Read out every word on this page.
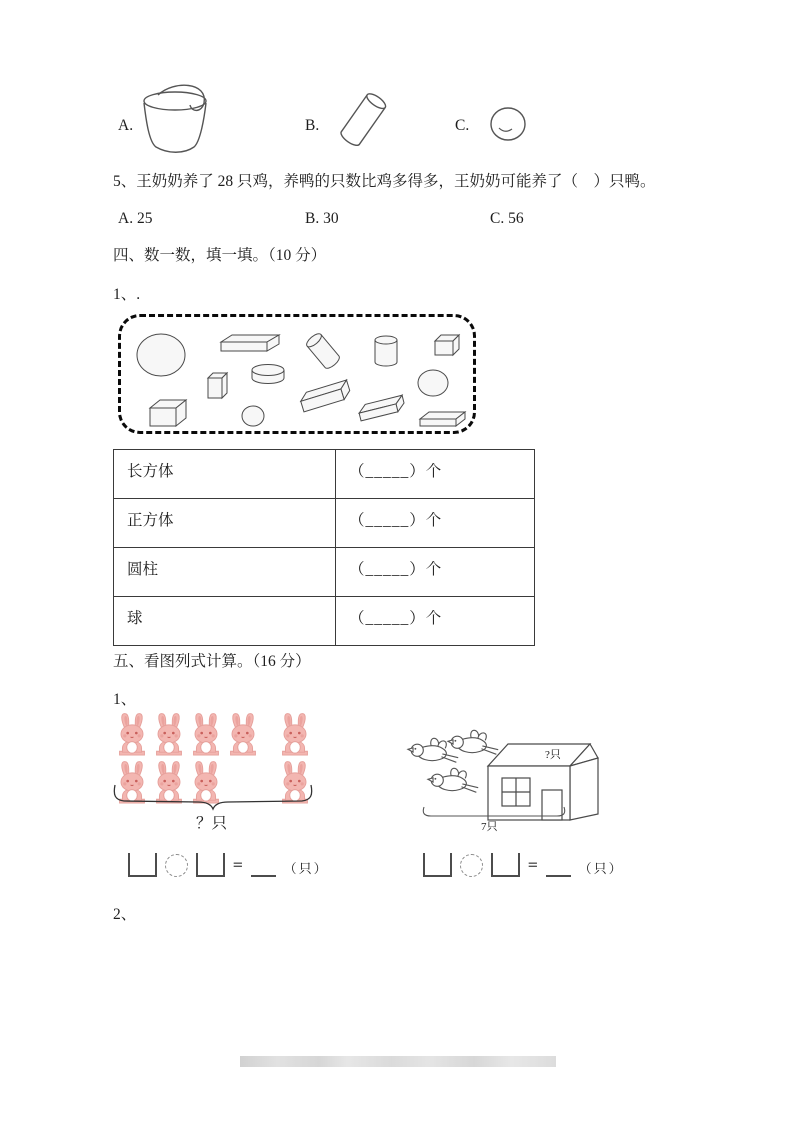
A.	B.	C.
5、王奶奶养了 28 只鸡，养鸭的只数比鸡多得多，王奶奶可能养了（　）只鸭。
A. 25	B. 30	C. 56
四、数一数，填一填。（10 分）
1、.
长方体	（_____）个
正方体	（_____）个
圆柱	（_____）个
球	（_____）个
五、看图列式计算。（16 分）
1、
？只
?只
7只
=	（只）	=	（只）
2、
